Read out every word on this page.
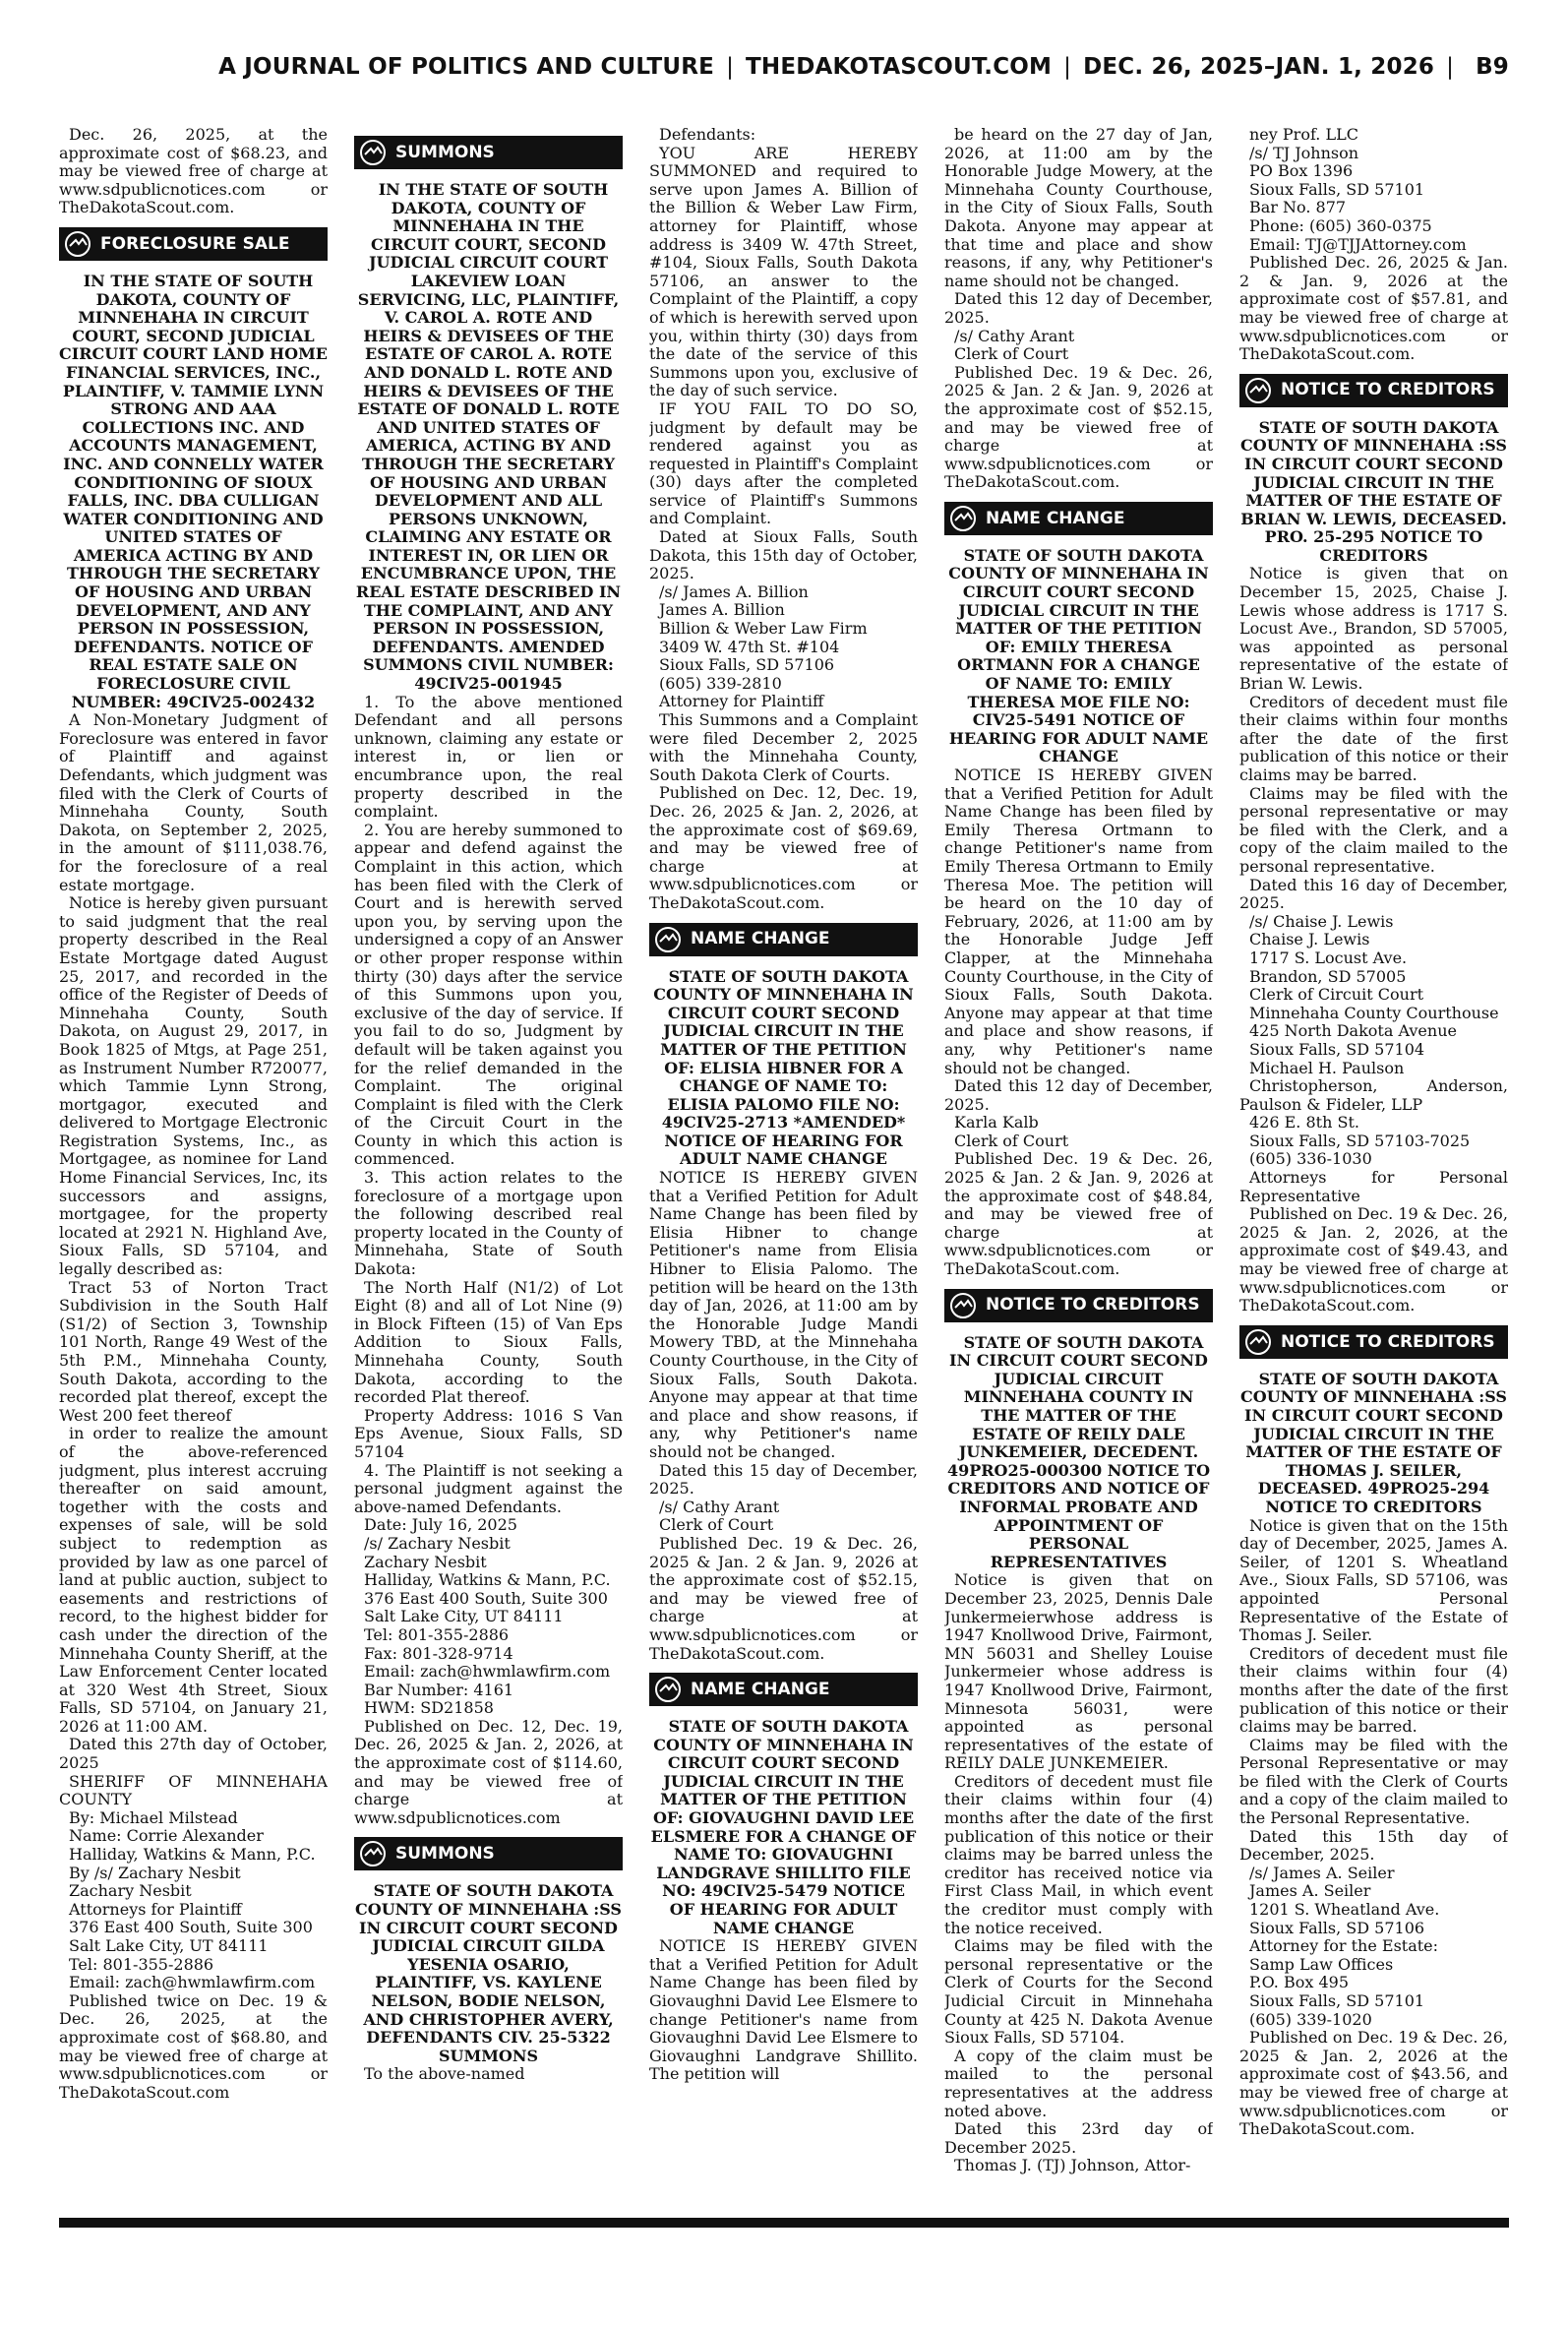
A JOURNAL OF POLITICS AND CULTURE | THEDAKOTASCOUT.COM | DEC. 26, 2025–JAN. 1, 2026 | B9

Dec. 26, 2025, at the approximate cost of $68.23, and may be viewed free of charge at www.sdpublicnotices.com or TheDakotaScout.com.

FORECLOSURE SALE

IN THE STATE OF SOUTH DAKOTA, COUNTY OF MINNEHAHA IN CIRCUIT COURT, SECOND JUDICIAL CIRCUIT COURT LAND HOME FINANCIAL SERVICES, INC., PLAINTIFF, V. TAMMIE LYNN STRONG AND AAA COLLECTIONS INC. AND ACCOUNTS MANAGEMENT, INC. AND CONNELLY WATER CONDITIONING OF SIOUX FALLS, INC. DBA CULLIGAN WATER CONDITIONING AND UNITED STATES OF AMERICA ACTING BY AND THROUGH THE SECRETARY OF HOUSING AND URBAN DEVELOPMENT, AND ANY PERSON IN POSSESSION, DEFENDANTS. NOTICE OF REAL ESTATE SALE ON FORECLOSURE CIVIL NUMBER: 49CIV25-002432

A Non-Monetary Judgment of Foreclosure was entered in favor of Plaintiff and against Defendants, which judgment was filed with the Clerk of Courts of Minnehaha County, South Dakota, on September 2, 2025, in the amount of $111,038.76, for the foreclosure of a real estate mortgage.

Notice is hereby given pursuant to said judgment that the real property described in the Real Estate Mortgage dated August 25, 2017, and recorded in the office of the Register of Deeds of Minnehaha County, South Dakota, on August 29, 2017, in Book 1825 of Mtgs, at Page 251, as Instrument Number R720077, which Tammie Lynn Strong, mortgagor, executed and delivered to Mortgage Electronic Registration Systems, Inc., as Mortgagee, as nominee for Land Home Financial Services, Inc, its successors and assigns, mortgagee, for the property located at 2921 N. Highland Ave, Sioux Falls, SD 57104, and legally described as:

Tract 53 of Norton Tract Subdivision in the South Half (S1/2) of Section 3, Township 101 North, Range 49 West of the 5th P.M., Minnehaha County, South Dakota, according to the recorded plat thereof, except the West 200 feet thereof

in order to realize the amount of the above-referenced judgment, plus interest accruing thereafter on said amount, together with the costs and expenses of sale, will be sold subject to redemption as provided by law as one parcel of land at public auction, subject to easements and restrictions of record, to the highest bidder for cash under the direction of the Minnehaha County Sheriff, at the Law Enforcement Center located at 320 West 4th Street, Sioux Falls, SD 57104, on January 21, 2026 at 11:00 AM.

Dated this 27th day of October, 2025

SHERIFF OF MINNEHAHA COUNTY

By: Michael Milstead

Name: Corrie Alexander

Halliday, Watkins & Mann, P.C.

By /s/ Zachary Nesbit

Zachary Nesbit

Attorneys for Plaintiff

376 East 400 South, Suite 300

Salt Lake City, UT 84111

Tel: 801-355-2886

Email: zach@hwmlawfirm.com

Published twice on Dec. 19 & Dec. 26, 2025, at the approximate cost of $68.80, and may be viewed free of charge at www.sdpublicnotices.com or TheDakotaScout.com

SUMMONS

IN THE STATE OF SOUTH DAKOTA, COUNTY OF MINNEHAHA IN THE CIRCUIT COURT, SECOND JUDICIAL CIRCUIT COURT LAKEVIEW LOAN SERVICING, LLC, PLAINTIFF, V. CAROL A. ROTE AND HEIRS & DEVISEES OF THE ESTATE OF CAROL A. ROTE AND DONALD L. ROTE AND HEIRS & DEVISEES OF THE ESTATE OF DONALD L. ROTE AND UNITED STATES OF AMERICA, ACTING BY AND THROUGH THE SECRETARY OF HOUSING AND URBAN DEVELOPMENT AND ALL PERSONS UNKNOWN, CLAIMING ANY ESTATE OR INTEREST IN, OR LIEN OR ENCUMBRANCE UPON, THE REAL ESTATE DESCRIBED IN THE COMPLAINT, AND ANY PERSON IN POSSESSION, DEFENDANTS. AMENDED SUMMONS CIVIL NUMBER: 49CIV25-001945

1. To the above mentioned Defendant and all persons unknown, claiming any estate or interest in, or lien or encumbrance upon, the real property described in the complaint.

2. You are hereby summoned to appear and defend against the Complaint in this action, which has been filed with the Clerk of Court and is herewith served upon you, by serving upon the undersigned a copy of an Answer or other proper response within thirty (30) days after the service of this Summons upon you, exclusive of the day of service. If you fail to do so, Judgment by default will be taken against you for the relief demanded in the Complaint. The original Complaint is filed with the Clerk of the Circuit Court in the County in which this action is commenced.

3. This action relates to the foreclosure of a mortgage upon the following described real property located in the County of Minnehaha, State of South Dakota:

The North Half (N1/2) of Lot Eight (8) and all of Lot Nine (9) in Block Fifteen (15) of Van Eps Addition to Sioux Falls, Minnehaha County, South Dakota, according to the recorded Plat thereof.

Property Address: 1016 S Van Eps Avenue, Sioux Falls, SD 57104

4. The Plaintiff is not seeking a personal judgment against the above-named Defendants.

Date: July 16, 2025

/s/ Zachary Nesbit

Zachary Nesbit

Halliday, Watkins & Mann, P.C.

376 East 400 South, Suite 300

Salt Lake City, UT 84111

Tel: 801-355-2886

Fax: 801-328-9714

Email: zach@hwmlawfirm.com

Bar Number: 4161

HWM: SD21858

Published on Dec. 12, Dec. 19, Dec. 26, 2025 & Jan. 2, 2026, at the approximate cost of $114.60, and may be viewed free of charge at www.sdpublicnotices.com

SUMMONS

STATE OF SOUTH DAKOTA COUNTY OF MINNEHAHA :SS IN CIRCUIT COURT SECOND JUDICIAL CIRCUIT GILDA YESENIA OSARIO, PLAINTIFF, VS. KAYLENE NELSON, BODIE NELSON, AND CHRISTOPHER AVERY, DEFENDANTS CIV. 25-5322 SUMMONS

To the above-named

Defendants:

YOU ARE HEREBY SUMMONED and required to serve upon James A. Billion of the Billion & Weber Law Firm, attorney for Plaintiff, whose address is 3409 W. 47th Street, #104, Sioux Falls, South Dakota 57106, an answer to the Complaint of the Plaintiff, a copy of which is herewith served upon you, within thirty (30) days from the date of the service of this Summons upon you, exclusive of the day of such service.

IF YOU FAIL TO DO SO, judgment by default may be rendered against you as requested in Plaintiff's Complaint (30) days after the completed service of Plaintiff's Summons and Complaint.

Dated at Sioux Falls, South Dakota, this 15th day of October, 2025.

/s/ James A. Billion

James A. Billion

Billion & Weber Law Firm

3409 W. 47th St. #104

Sioux Falls, SD 57106

(605) 339-2810

Attorney for Plaintiff

This Summons and a Complaint were filed December 2, 2025 with the Minnehaha County, South Dakota Clerk of Courts.

Published on Dec. 12, Dec. 19, Dec. 26, 2025 & Jan. 2, 2026, at the approximate cost of $69.69, and may be viewed free of charge at www.sdpublicnotices.com or TheDakotaScout.com.

NAME CHANGE

STATE OF SOUTH DAKOTA COUNTY OF MINNEHAHA IN CIRCUIT COURT SECOND JUDICIAL CIRCUIT IN THE MATTER OF THE PETITION OF: ELISIA HIBNER FOR A CHANGE OF NAME TO: ELISIA PALOMO FILE NO: 49CIV25-2713 *AMENDED* NOTICE OF HEARING FOR ADULT NAME CHANGE

NOTICE IS HEREBY GIVEN that a Verified Petition for Adult Name Change has been filed by Elisia Hibner to change Petitioner's name from Elisia Hibner to Elisia Palomo. The petition will be heard on the 13th day of Jan, 2026, at 11:00 am by the Honorable Judge Mandi Mowery TBD, at the Minnehaha County Courthouse, in the City of Sioux Falls, South Dakota. Anyone may appear at that time and place and show reasons, if any, why Petitioner's name should not be changed.

Dated this 15 day of December, 2025.

/s/ Cathy Arant

Clerk of Court

Published Dec. 19 & Dec. 26, 2025 & Jan. 2 & Jan. 9, 2026 at the approximate cost of $52.15, and may be viewed free of charge at www.sdpublicnotices.com or TheDakotaScout.com.

NAME CHANGE

STATE OF SOUTH DAKOTA COUNTY OF MINNEHAHA IN CIRCUIT COURT SECOND JUDICIAL CIRCUIT IN THE MATTER OF THE PETITION OF: GIOVAUGHNI DAVID LEE ELSMERE FOR A CHANGE OF NAME TO: GIOVAUGHNI LANDGRAVE SHILLITO FILE NO: 49CIV25-5479 NOTICE OF HEARING FOR ADULT NAME CHANGE

NOTICE IS HEREBY GIVEN that a Verified Petition for Adult Name Change has been filed by Giovaughni David Lee Elsmere to change Petitioner's name from Giovaughni David Lee Elsmere to Giovaughni Landgrave Shillito. The petition will

be heard on the 27 day of Jan, 2026, at 11:00 am by the Honorable Judge Mowery, at the Minnehaha County Courthouse, in the City of Sioux Falls, South Dakota. Anyone may appear at that time and place and show reasons, if any, why Petitioner's name should not be changed.

Dated this 12 day of December, 2025.

/s/ Cathy Arant

Clerk of Court

Published Dec. 19 & Dec. 26, 2025 & Jan. 2 & Jan. 9, 2026 at the approximate cost of $52.15, and may be viewed free of charge at www.sdpublicnotices.com or TheDakotaScout.com.

NAME CHANGE

STATE OF SOUTH DAKOTA COUNTY OF MINNEHAHA IN CIRCUIT COURT SECOND JUDICIAL CIRCUIT IN THE MATTER OF THE PETITION OF: EMILY THERESA ORTMANN FOR A CHANGE OF NAME TO: EMILY THERESA MOE FILE NO: CIV25-5491 NOTICE OF HEARING FOR ADULT NAME CHANGE

NOTICE IS HEREBY GIVEN that a Verified Petition for Adult Name Change has been filed by Emily Theresa Ortmann to change Petitioner's name from Emily Theresa Ortmann to Emily Theresa Moe. The petition will be heard on the 10 day of February, 2026, at 11:00 am by the Honorable Judge Jeff Clapper, at the Minnehaha County Courthouse, in the City of Sioux Falls, South Dakota. Anyone may appear at that time and place and show reasons, if any, why Petitioner's name should not be changed.

Dated this 12 day of December, 2025.

Karla Kalb

Clerk of Court

Published Dec. 19 & Dec. 26, 2025 & Jan. 2 & Jan. 9, 2026 at the approximate cost of $48.84, and may be viewed free of charge at www.sdpublicnotices.com or TheDakotaScout.com.

NOTICE TO CREDITORS

STATE OF SOUTH DAKOTA IN CIRCUIT COURT SECOND JUDICIAL CIRCUIT MINNEHAHA COUNTY IN THE MATTER OF THE ESTATE OF REILY DALE JUNKEMEIER, DECEDENT. 49PRO25-000300 NOTICE TO CREDITORS AND NOTICE OF INFORMAL PROBATE AND APPOINTMENT OF PERSONAL REPRESENTATIVES

Notice is given that on December 23, 2025, Dennis Dale Junkermeierwhose address is 1947 Knollwood Drive, Fairmont, MN 56031 and Shelley Louise Junkermeier whose address is 1947 Knollwood Drive, Fairmont, Minnesota 56031, were appointed as personal representatives of the estate of REILY DALE JUNKEMEIER.

Creditors of decedent must file their claims within four (4) months after the date of the first publication of this notice or their claims may be barred unless the creditor has received notice via First Class Mail, in which event the creditor must comply with the notice received.

Claims may be filed with the personal representative or the Clerk of Courts for the Second Judicial Circuit in Minnehaha County at 425 N. Dakota Avenue Sioux Falls, SD 57104.

A copy of the claim must be mailed to the personal representatives at the address noted above.

Dated this 23rd day of December 2025.

Thomas J. (TJ) Johnson, Attor-

ney Prof. LLC

/s/ TJ Johnson

PO Box 1396

Sioux Falls, SD 57101

Bar No. 877

Phone: (605) 360-0375

Email: TJ@TJJAttorney.com

Published Dec. 26, 2025 & Jan. 2 & Jan. 9, 2026 at the approximate cost of $57.81, and may be viewed free of charge at www.sdpublicnotices.com or TheDakotaScout.com.

NOTICE TO CREDITORS

STATE OF SOUTH DAKOTA COUNTY OF MINNEHAHA :SS IN CIRCUIT COURT SECOND JUDICIAL CIRCUIT IN THE MATTER OF THE ESTATE OF BRIAN W. LEWIS, DECEASED. PRO. 25-295 NOTICE TO CREDITORS

Notice is given that on December 15, 2025, Chaise J. Lewis whose address is 1717 S. Locust Ave., Brandon, SD 57005, was appointed as personal representative of the estate of Brian W. Lewis.

Creditors of decedent must file their claims within four months after the date of the first publication of this notice or their claims may be barred.

Claims may be filed with the personal representative or may be filed with the Clerk, and a copy of the claim mailed to the personal representative.

Dated this 16 day of December, 2025.

/s/ Chaise J. Lewis

Chaise J. Lewis

1717 S. Locust Ave.

Brandon, SD 57005

Clerk of Circuit Court

Minnehaha County Courthouse

425 North Dakota Avenue

Sioux Falls, SD 57104

Michael H. Paulson

Christopherson, Anderson, Paulson & Fideler, LLP

426 E. 8th St.

Sioux Falls, SD 57103-7025

(605) 336-1030

Attorneys for Personal Representative

Published on Dec. 19 & Dec. 26, 2025 & Jan. 2, 2026, at the approximate cost of $49.43, and may be viewed free of charge at www.sdpublicnotices.com or TheDakotaScout.com.

NOTICE TO CREDITORS

STATE OF SOUTH DAKOTA COUNTY OF MINNEHAHA :SS IN CIRCUIT COURT SECOND JUDICIAL CIRCUIT IN THE MATTER OF THE ESTATE OF THOMAS J. SEILER, DECEASED. 49PRO25-294 NOTICE TO CREDITORS

Notice is given that on the 15th day of December, 2025, James A. Seiler, of 1201 S. Wheatland Ave., Sioux Falls, SD 57106, was appointed Personal Representative of the Estate of Thomas J. Seiler.

Creditors of decedent must file their claims within four (4) months after the date of the first publication of this notice or their claims may be barred.

Claims may be filed with the Personal Representative or may be filed with the Clerk of Courts and a copy of the claim mailed to the Personal Representative.

Dated this 15th day of December, 2025.

/s/ James A. Seiler

James A. Seiler

1201 S. Wheatland Ave.

Sioux Falls, SD 57106

Attorney for the Estate:

Samp Law Offices

P.O. Box 495

Sioux Falls, SD 57101

(605) 339-1020

Published on Dec. 19 & Dec. 26, 2025 & Jan. 2, 2026 at the approximate cost of $43.56, and may be viewed free of charge at www.sdpublicnotices.com or TheDakotaScout.com.
